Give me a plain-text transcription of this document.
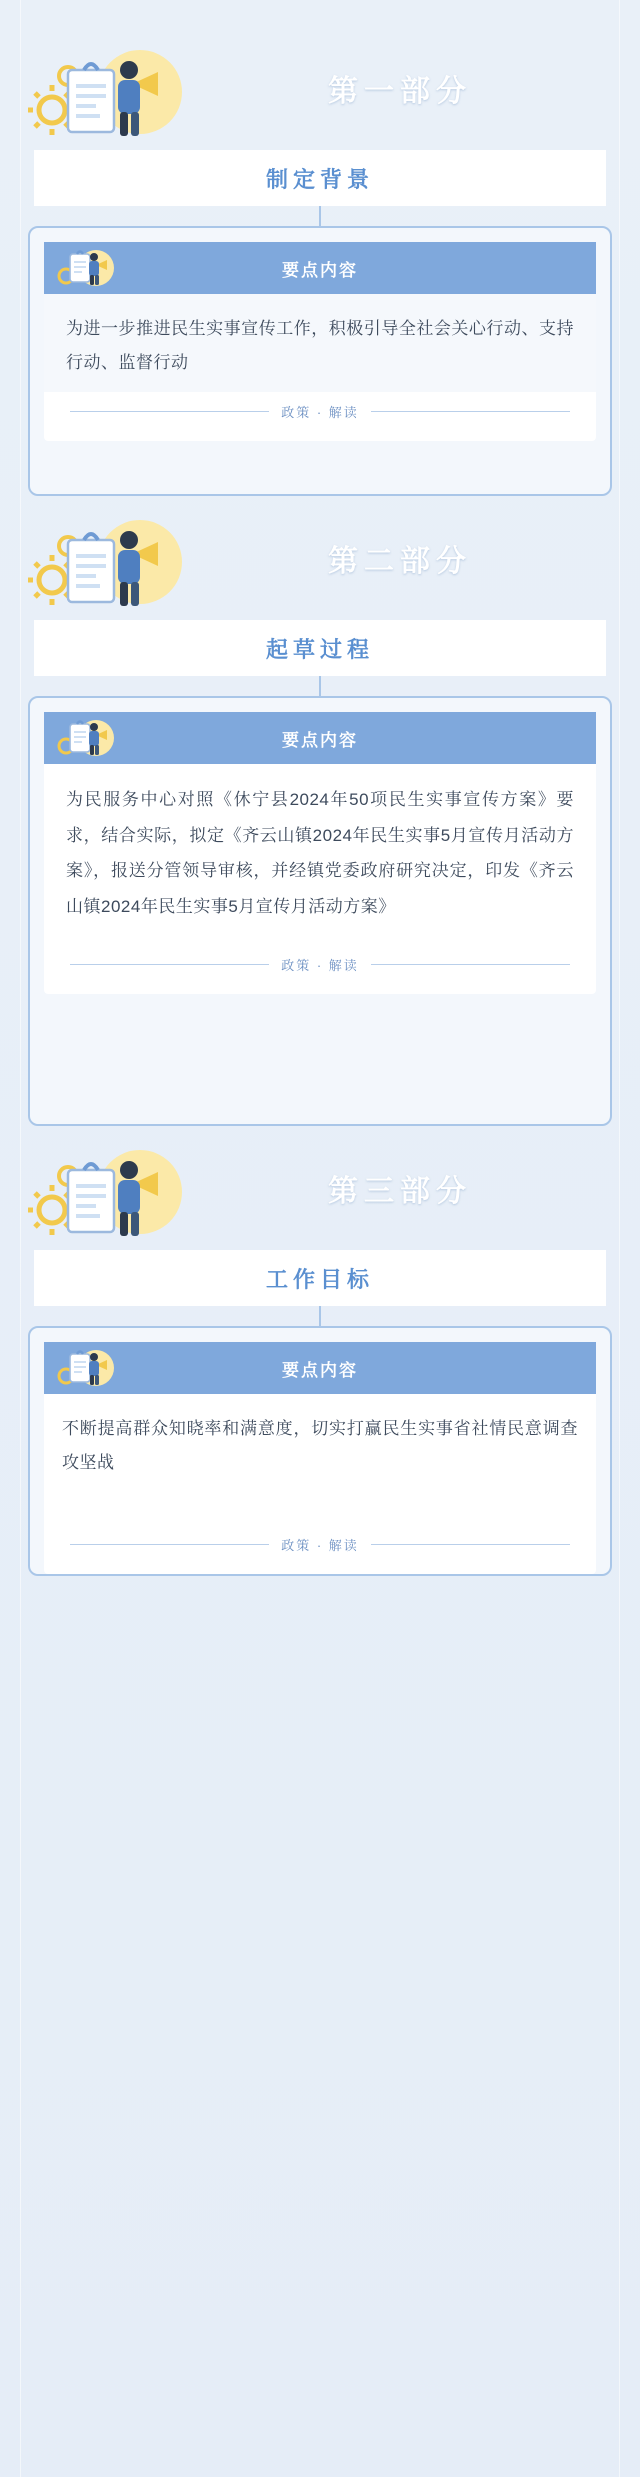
第一部分
制定背景
要点内容
为进一步推进民生实事宣传工作，积极引导全社会关心行动、支持行动、监督行动
政策 · 解读
第二部分
起草过程
要点内容
为民服务中心对照《休宁县2024年50项民生实事宣传方案》要求，结合实际，拟定《齐云山镇2024年民生实事5月宣传月活动方案》，报送分管领导审核，并经镇党委政府研究决定，印发《齐云山镇2024年民生实事5月宣传月活动方案》
政策 · 解读
第三部分
工作目标
要点内容
不断提高群众知晓率和满意度，切实打赢民生实事省社情民意调查攻坚战
政策 · 解读
